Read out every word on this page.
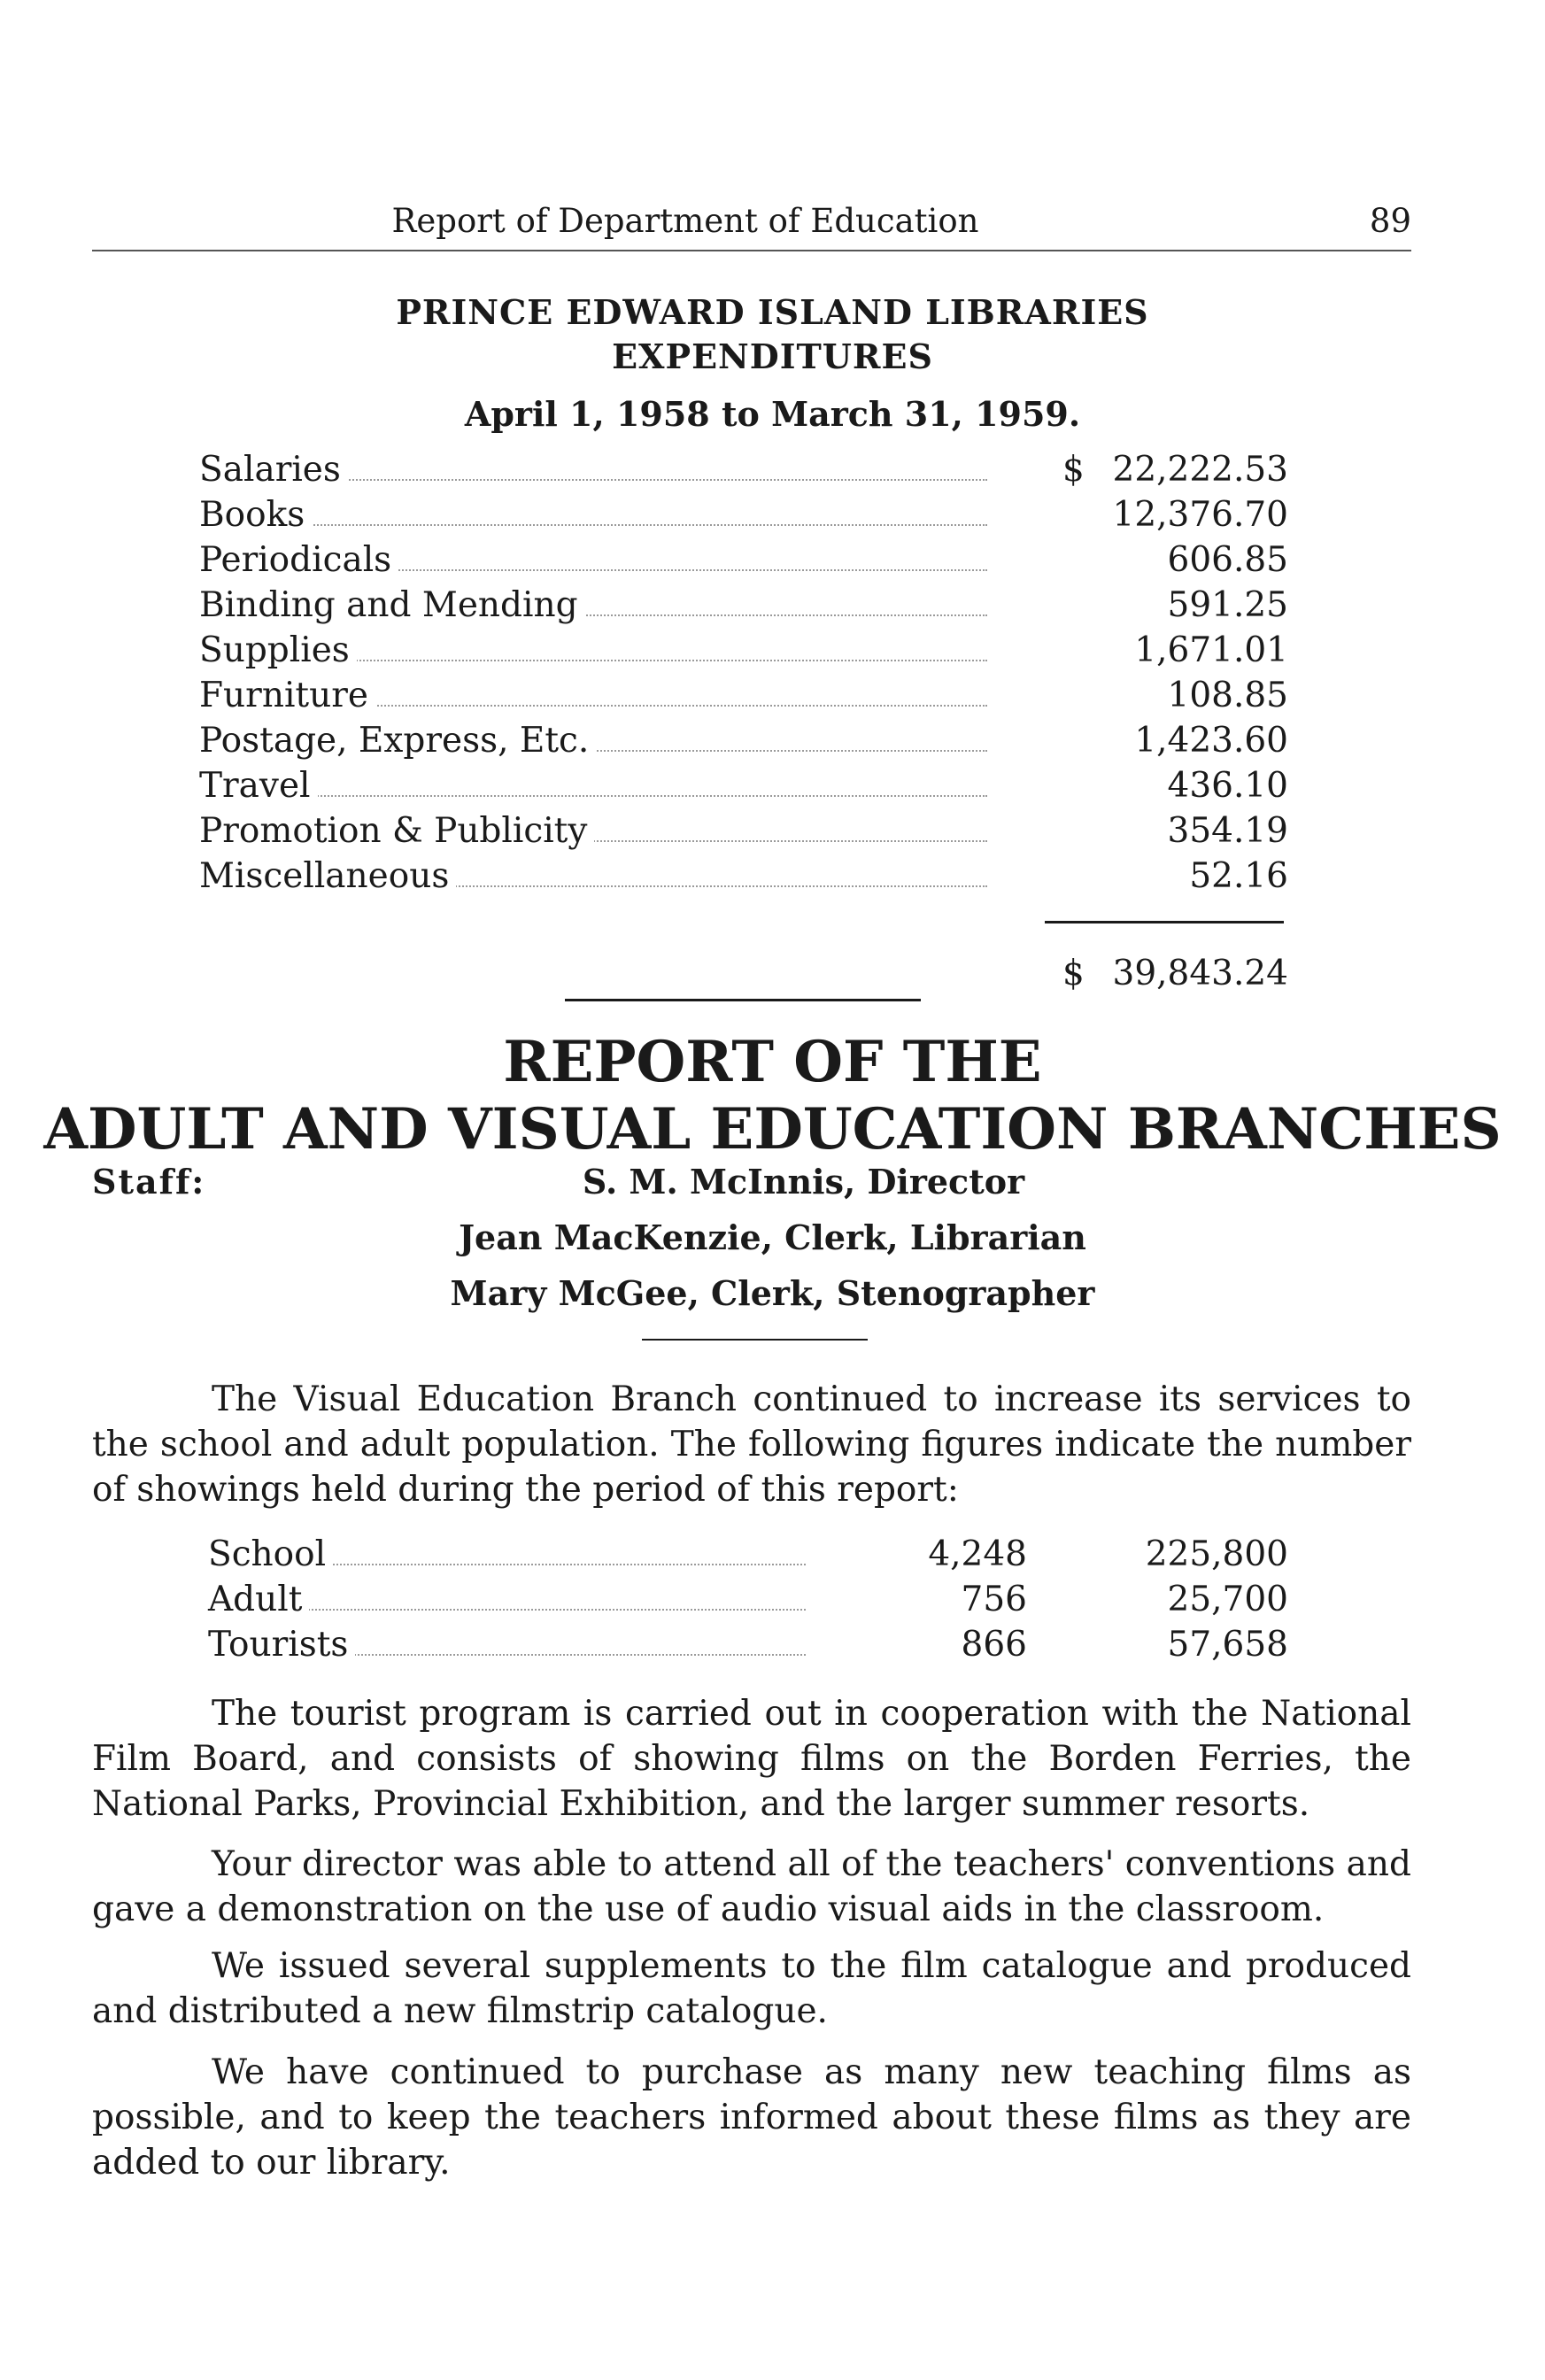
Report of Department of Education	89
PRINCE EDWARD ISLAND LIBRARIES
EXPENDITURES
April 1, 1958 to March 31, 1959.
Salaries	$ 22,222.53
Books	12,376.70
Periodicals	606.85
Binding and Mending	591.25
Supplies	1,671.01
Furniture	108.85
Postage, Express, Etc.	1,423.60
Travel	436.10
Promotion & Publicity	354.19
Miscellaneous	52.16
$ 39,843.24
REPORT OF THE
ADULT AND VISUAL EDUCATION BRANCHES
Staff:	S. M. McInnis, Director
Jean MacKenzie, Clerk, Librarian
Mary McGee, Clerk, Stenographer

The Visual Education Branch continued to increase its services to the school and adult population. The following figures indicate the number of showings held during the period of this report:

School	4,248	225,800
Adult	756	25,700
Tourists	866	57,658

The tourist program is carried out in cooperation with the National Film Board, and consists of showing films on the Borden Ferries, the National Parks, Provincial Exhibition, and the larger summer resorts.

Your director was able to attend all of the teachers' conventions and gave a demonstration on the use of audio visual aids in the classroom.

We issued several supplements to the film catalogue and produced and distributed a new filmstrip catalogue.

We have continued to purchase as many new teaching films as possible, and to keep the teachers informed about these films as they are added to our library.
